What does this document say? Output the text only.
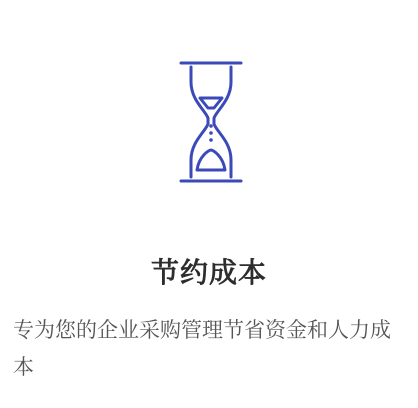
节约成本
专为您的企业采购管理节省资金和人力成本
